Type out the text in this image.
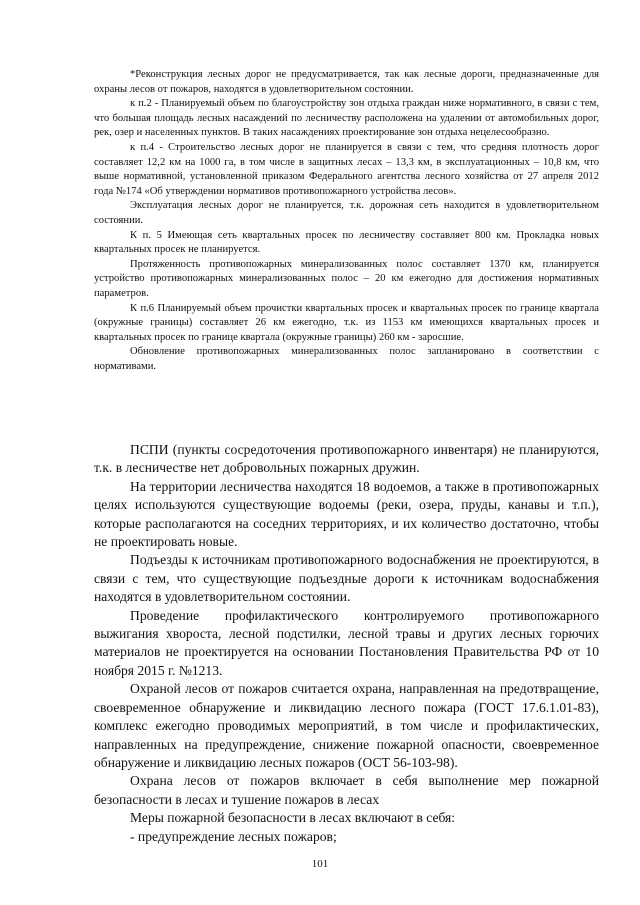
*Реконструкция лесных дорог не предусматривается, так как лесные дороги, предназначенные для охраны лесов от пожаров, находятся в удовлетворительном состоянии.

к п.2 - Планируемый объем по благоустройству зон отдыха граждан ниже нормативного, в связи с тем, что большая площадь лесных насаждений по лесничеству расположена на удалении от автомобильных дорог, рек, озер и населенных пунктов. В таких насаждениях проектирование зон отдыха нецелесообразно.

к п.4 - Строительство лесных дорог не планируется в связи с тем, что средняя плотность дорог составляет 12,2 км на 1000 га, в том числе в защитных лесах – 13,3 км, в эксплуатационных – 10,8 км, что выше нормативной, установленной приказом Федерального агентства лесного хозяйства от 27 апреля 2012 года №174 «Об утверждении нормативов противопожарного устройства лесов».

Эксплуатация лесных дорог не планируется, т.к. дорожная сеть находится в удовлетворительном состоянии.

К п. 5 Имеющая сеть квартальных просек по лесничеству составляет 800 км. Прокладка новых квартальных просек не планируется.

Протяженность противопожарных минерализованных полос составляет 1370 км, планируется устройство противопожарных минерализованных полос – 20 км ежегодно для достижения нормативных параметров.

К п.6 Планируемый объем прочистки квартальных просек и квартальных просек по границе квартала (окружные границы) составляет 26 км ежегодно, т.к. из 1153 км имеющихся квартальных просек и квартальных просек по границе квартала (окружные границы) 260 км - заросшие.

Обновление противопожарных минерализованных полос запланировано в соответствии с нормативами.

ПСПИ (пункты сосредоточения противопожарного инвентаря) не планируются, т.к. в лесничестве нет добровольных пожарных дружин.

На территории лесничества находятся 18 водоемов, а также в противопожарных целях используются существующие водоемы (реки, озера, пруды, канавы и т.п.), которые располагаются на соседних территориях, и их количество достаточно, чтобы не проектировать новые.

Подъезды к источникам противопожарного водоснабжения не проектируются, в связи с тем, что существующие подъездные дороги к источникам водоснабжения находятся в удовлетворительном состоянии.

Проведение профилактического контролируемого противопожарного выжигания хвороста, лесной подстилки, лесной травы и других лесных горючих материалов не проектируется на основании Постановления Правительства РФ от 10 ноября 2015 г. №1213.

Охраной лесов от пожаров считается охрана, направленная на предотвращение, своевременное обнаружение и ликвидацию лесного пожара (ГОСТ 17.6.1.01-83), комплекс ежегодно проводимых мероприятий, в том числе и профилактических, направленных на предупреждение, снижение пожарной опасности, своевременное обнаружение и ликвидацию лесных пожаров (ОСТ 56-103-98).

Охрана лесов от пожаров включает в себя выполнение мер пожарной безопасности в лесах и тушение пожаров в лесах

Меры пожарной безопасности в лесах включают в себя:

- предупреждение лесных пожаров;

101
